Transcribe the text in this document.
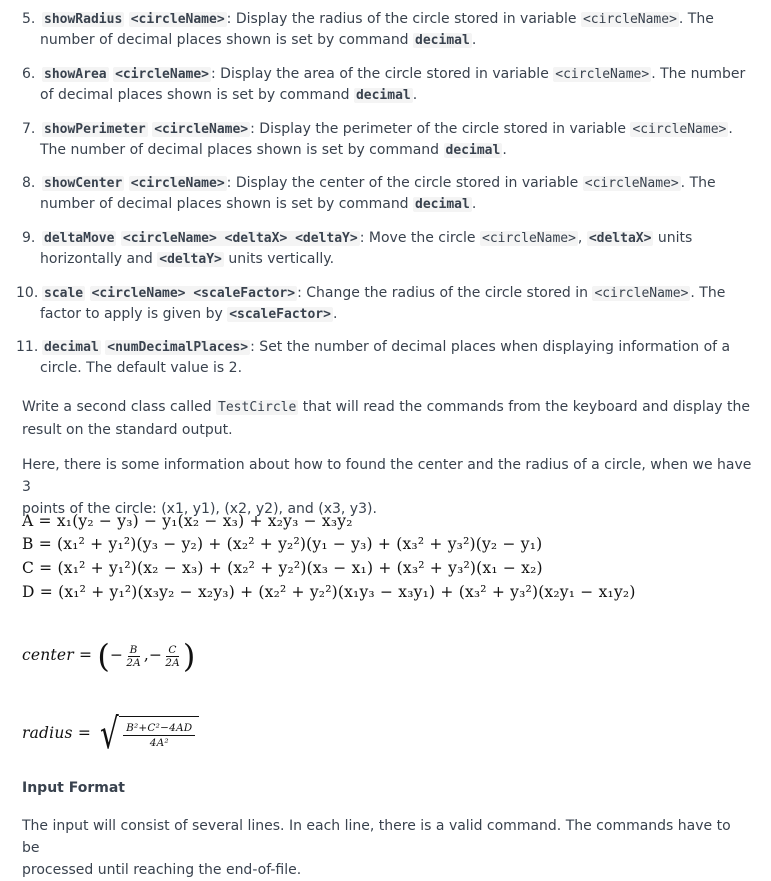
5. showRadius <circleName> : Display the radius of the circle stored in variable <circleName> . The
number of decimal places shown is set by command decimal .
6. showArea <circleName> : Display the area of the circle stored in variable <circleName> . The number
of decimal places shown is set by command decimal .
7. showPerimeter <circleName> : Display the perimeter of the circle stored in variable <circleName> .
The number of decimal places shown is set by command decimal .
8. showCenter <circleName> : Display the center of the circle stored in variable <circleName> . The
number of decimal places shown is set by command decimal .
9. deltaMove <circleName> <deltaX> <deltaY> : Move the circle <circleName> , <deltaX> units
horizontally and <deltaY> units vertically.
10. scale <circleName> <scaleFactor> : Change the radius of the circle stored in <circleName> . The
factor to apply is given by <scaleFactor> .
11. decimal <numDecimalPlaces> : Set the number of decimal places when displaying information of a
circle. The default value is 2.
Write a second class called TestCircle that will read the commands from the keyboard and display the
result on the standard output.
Here, there is some information about how to found the center and the radius of a circle, when we have 3
points of the circle: (x1, y1), (x2, y2), and (x3, y3).
A = x₁(y₂ − y₃) − y₁(x₂ − x₃) + x₂y₃ − x₃y₂
B = (x₁² + y₁²)(y₃ − y₂) + (x₂² + y₂²)(y₁ − y₃) + (x₃² + y₃²)(y₂ − y₁)
C = (x₁² + y₁²)(x₂ − x₃) + (x₂² + y₂²)(x₃ − x₁) + (x₃² + y₃²)(x₁ − x₂)
D = (x₁² + y₁²)(x₃y₂ − x₂y₃) + (x₂² + y₂²)(x₁y₃ − x₃y₁) + (x₃² + y₃²)(x₂y₁ − x₁y₂)
center = (− $\frac{B}{2A}$ ,− $\frac{C}{2A}$ )
radius = √ $\frac{\text{B²+C²−4AD}}{\text{4A²}}$
Input Format
The input will consist of several lines. In each line, there is a valid command. The commands have to be
processed until reaching the end-of-file.
